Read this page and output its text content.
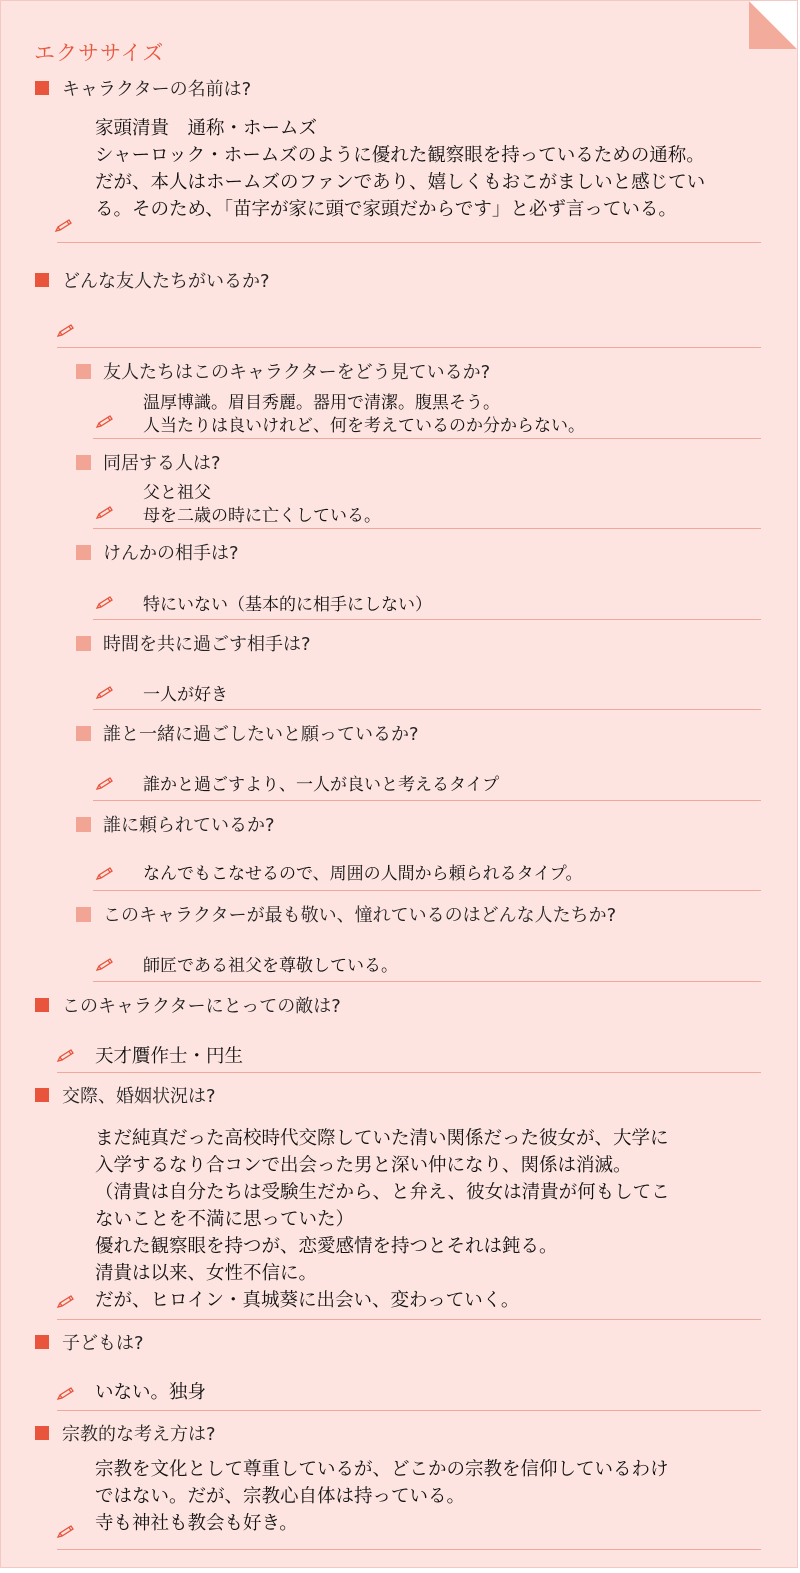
エクササイズ
キャラクターの名前は?
家頭清貴　通称・ホームズ
シャーロック・ホームズのように優れた観察眼を持っているための通称。
だが、本人はホームズのファンであり、嬉しくもおこがましいと感じてい
る。そのため、「苗字が家に頭で家頭だからです」と必ず言っている。
どんな友人たちがいるか?
友人たちはこのキャラクターをどう見ているか?
温厚博識。眉目秀麗。器用で清潔。腹黒そう。
人当たりは良いけれど、何を考えているのか分からない。
同居する人は?
父と祖父
母を二歳の時に亡くしている。
けんかの相手は?
特にいない（基本的に相手にしない）
時間を共に過ごす相手は?
一人が好き
誰と一緒に過ごしたいと願っているか?
誰かと過ごすより、一人が良いと考えるタイプ
誰に頼られているか?
なんでもこなせるので、周囲の人間から頼られるタイプ。
このキャラクターが最も敬い、憧れているのはどんな人たちか?
師匠である祖父を尊敬している。
このキャラクターにとっての敵は?
天才贋作士・円生
交際、婚姻状況は?
まだ純真だった高校時代交際していた清い関係だった彼女が、大学に
入学するなり合コンで出会った男と深い仲になり、関係は消滅。
（清貴は自分たちは受験生だから、と弁え、彼女は清貴が何もしてこ
ないことを不満に思っていた）
優れた観察眼を持つが、恋愛感情を持つとそれは鈍る。
清貴は以来、女性不信に。
だが、ヒロイン・真城葵に出会い、変わっていく。
子どもは?
いない。独身
宗教的な考え方は?
宗教を文化として尊重しているが、どこかの宗教を信仰しているわけ
ではない。だが、宗教心自体は持っている。
寺も神社も教会も好き。
